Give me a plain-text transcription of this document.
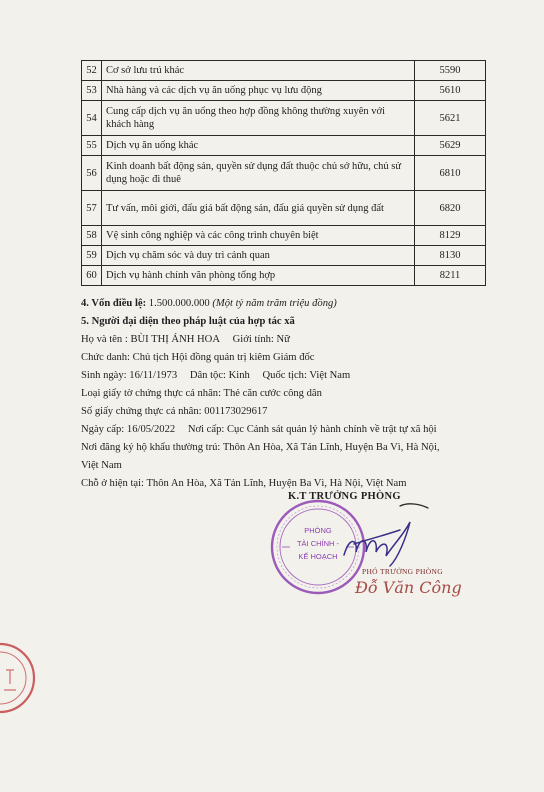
52	Cơ sở lưu trú khác	5590
53	Nhà hàng và các dịch vụ ăn uống phục vụ lưu động	5610
54	Cung cấp dịch vụ ăn uống theo hợp đồng không thường xuyên với khách hàng	5621
55	Dịch vụ ăn uống khác	5629
56	Kinh doanh bất động sản, quyền sử dụng đất thuộc chủ sở hữu, chủ sử dụng hoặc đi thuê	6810
57	Tư vấn, môi giới, đấu giá bất động sản, đấu giá quyền sử dụng đất	6820
58	Vệ sinh công nghiệp và các công trình chuyên biệt	8129
59	Dịch vụ chăm sóc và duy trì cảnh quan	8130
60	Dịch vụ hành chính văn phòng tổng hợp	8211
4. Vốn điều lệ: 1.500.000.000 (Một tỷ năm trăm triệu đồng)
5. Người đại diện theo pháp luật của hợp tác xã
Họ và tên : BÙI THỊ ÁNH HOA Giới tính: Nữ
Chức danh: Chủ tịch Hội đồng quản trị kiêm Giám đốc
Sinh ngày: 16/11/1973 Dân tộc: Kinh Quốc tịch: Việt Nam
Loại giấy tờ chứng thực cá nhân: Thẻ căn cước công dân
Số giấy chứng thực cá nhân: 001173029617
Ngày cấp: 16/05/2022 Nơi cấp: Cục Cảnh sát quản lý hành chính về trật tự xã hội
Nơi đăng ký hộ khẩu thường trú: Thôn An Hòa, Xã Tản Lĩnh, Huyện Ba Vì, Hà Nội,
Việt Nam
Chỗ ở hiện tại: Thôn An Hòa, Xã Tản Lĩnh, Huyện Ba Vì, Hà Nội, Việt Nam
K.T TRƯỞNG PHÒNG
PHÒNG
TÀI CHÍNH -
KẾ HOẠCH
PHÓ TRƯỞNG PHÒNG
Đỗ Văn Công
